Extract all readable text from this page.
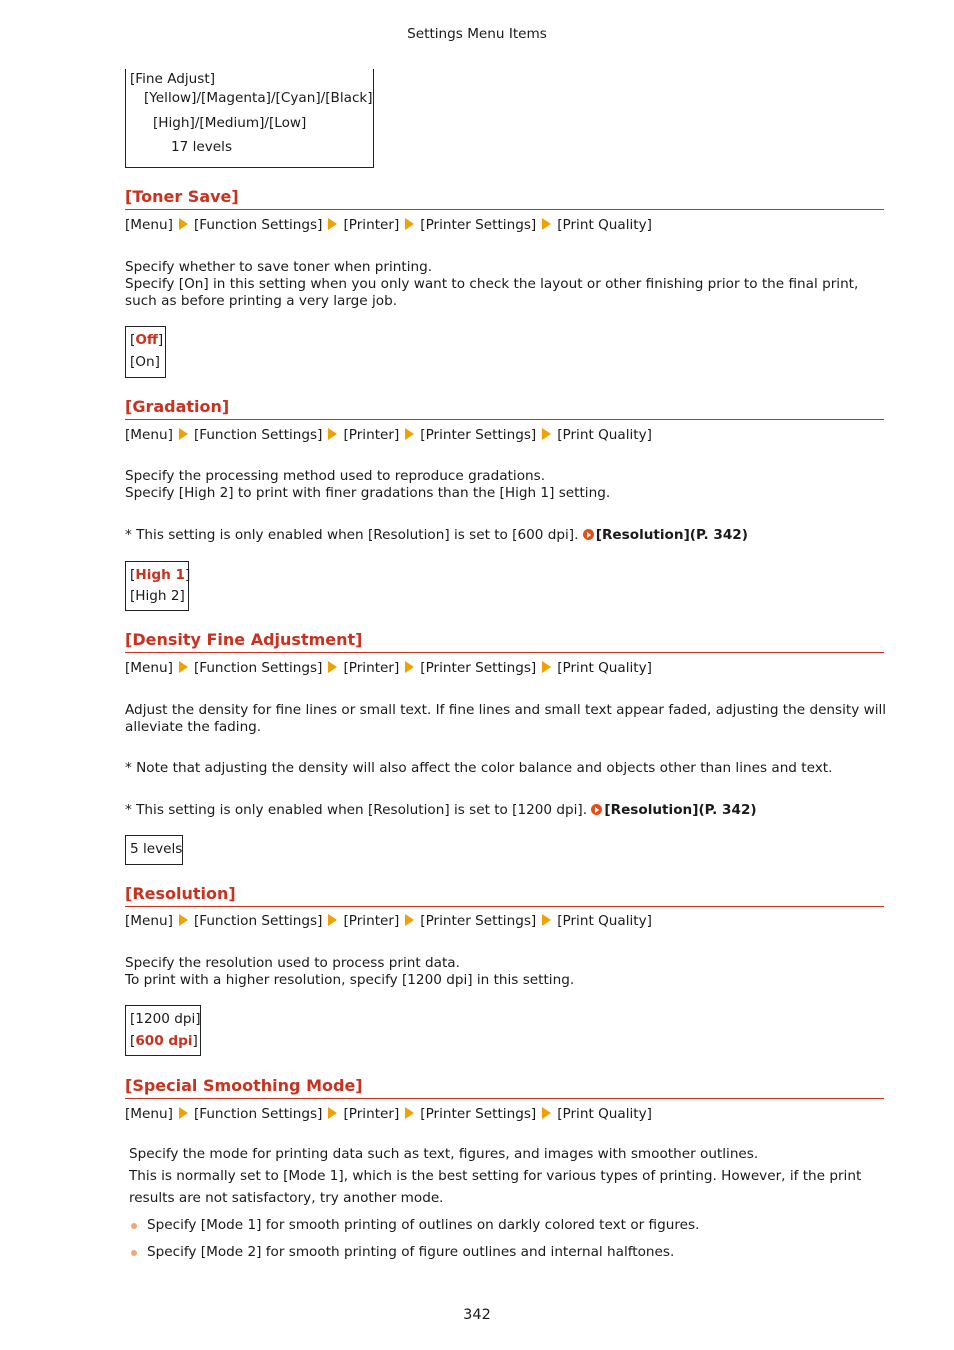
Settings Menu Items
[Fine Adjust]
[Yellow]/[Magenta]/[Cyan]/[Black]
[High]/[Medium]/[Low]
17 levels
[Toner Save]
[Menu] [Function Settings] [Printer] [Printer Settings] [Print Quality]
Specify whether to save toner when printing.
Specify [On] in this setting when you only want to check the layout or other finishing prior to the final print,
such as before printing a very large job.
[Off]
[On]
[Gradation]
[Menu] [Function Settings] [Printer] [Printer Settings] [Print Quality]
Specify the processing method used to reproduce gradations.
Specify [High 2] to print with finer gradations than the [High 1] setting.
* This setting is only enabled when [Resolution] is set to [600 dpi]. [Resolution](P. 342)
[High 1]
[High 2]
[Density Fine Adjustment]
[Menu] [Function Settings] [Printer] [Printer Settings] [Print Quality]
Adjust the density for fine lines or small text. If fine lines and small text appear faded, adjusting the density will
alleviate the fading.
* Note that adjusting the density will also affect the color balance and objects other than lines and text.
* This setting is only enabled when [Resolution] is set to [1200 dpi]. [Resolution](P. 342)
5 levels
[Resolution]
[Menu] [Function Settings] [Printer] [Printer Settings] [Print Quality]
Specify the resolution used to process print data.
To print with a higher resolution, specify [1200 dpi] in this setting.
[1200 dpi]
[600 dpi]
[Special Smoothing Mode]
[Menu] [Function Settings] [Printer] [Printer Settings] [Print Quality]
Specify the mode for printing data such as text, figures, and images with smoother outlines.
This is normally set to [Mode 1], which is the best setting for various types of printing. However, if the print
results are not satisfactory, try another mode.
Specify [Mode 1] for smooth printing of outlines on darkly colored text or figures.
Specify [Mode 2] for smooth printing of figure outlines and internal halftones.
342
